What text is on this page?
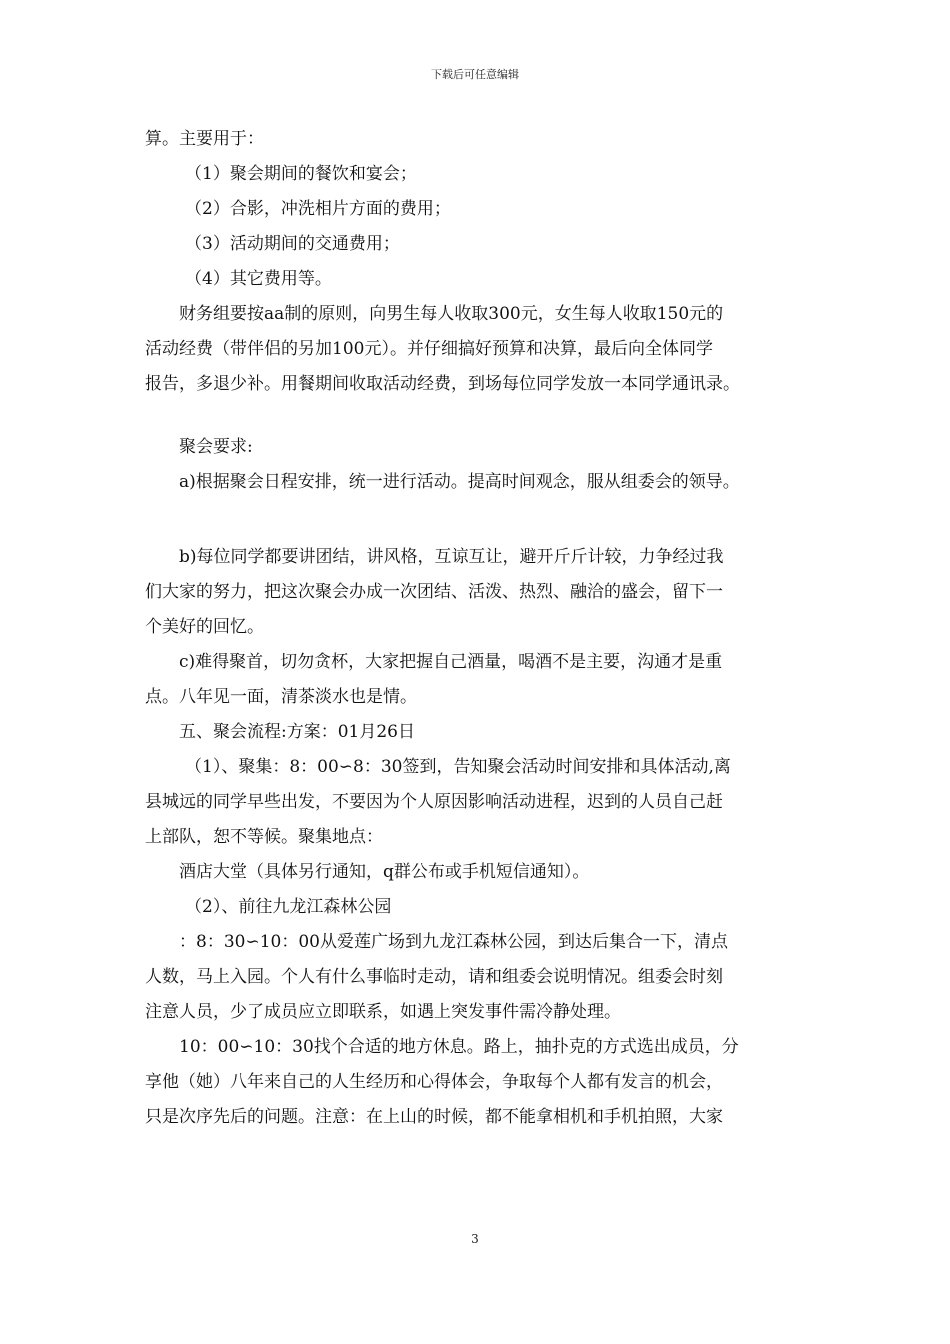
下载后可任意编辑

算。主要用于：

（1）聚会期间的餐饮和宴会；

（2）合影，冲洗相片方面的费用；

（3）活动期间的交通费用；

（4）其它费用等。

财务组要按aa制的原则，向男生每人收取300元，女生每人收取150元的

活动经费（带伴侣的另加100元）。并仔细搞好预算和决算，最后向全体同学

报告，多退少补。用餐期间收取活动经费，到场每位同学发放一本同学通讯录。

聚会要求:

a)根据聚会日程安排，统一进行活动。提高时间观念，服从组委会的领导。

b)每位同学都要讲团结，讲风格，互谅互让，避开斤斤计较，力争经过我

们大家的努力，把这次聚会办成一次团结、活泼、热烈、融洽的盛会，留下一

个美好的回忆。

c)难得聚首，切勿贪杯，大家把握自己酒量，喝酒不是主要，沟通才是重

点。八年见一面，清茶淡水也是情。

五、聚会流程:方案：01月26日

（1）、聚集：8：00∽8：30签到，告知聚会活动时间安排和具体活动,离

县城远的同学早些出发，不要因为个人原因影响活动进程，迟到的人员自己赶

上部队，恕不等候。聚集地点：

酒店大堂（具体另行通知，q群公布或手机短信通知）。

（2）、前往九龙江森林公园

：8：30∽10：00从爱莲广场到九龙江森林公园，到达后集合一下，清点

人数，马上入园。个人有什么事临时走动，请和组委会说明情况。组委会时刻

注意人员，少了成员应立即联系，如遇上突发事件需冷静处理。

10：00∽10：30找个合适的地方休息。路上，抽扑克的方式选出成员，分

享他（她）八年来自己的人生经历和心得体会，争取每个人都有发言的机会，

只是次序先后的问题。注意：在上山的时候，都不能拿相机和手机拍照，大家

3
